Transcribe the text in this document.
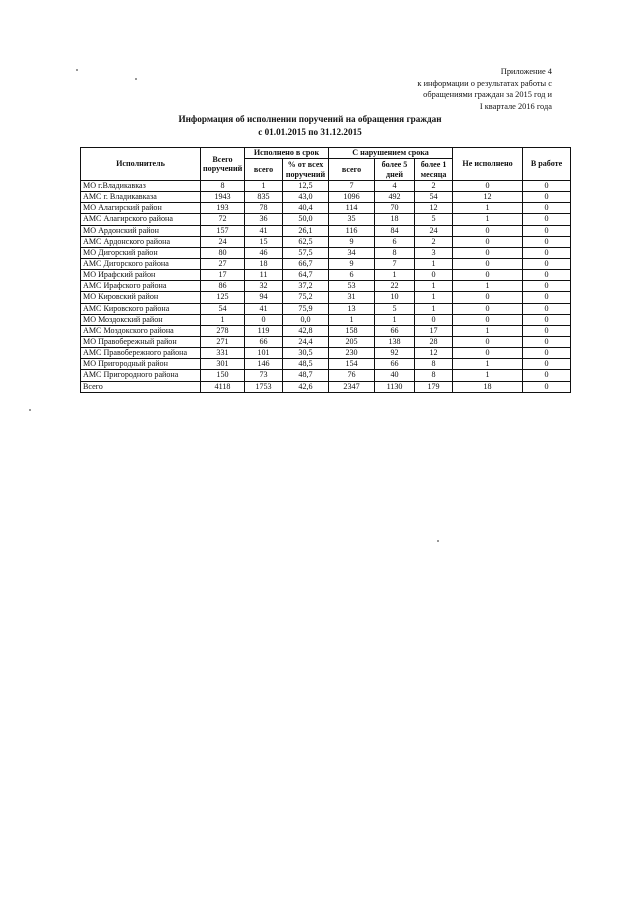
Приложение 4
к информации о результатах работы с
обращениями граждан за 2015 год и
I квартале 2016 года
Информация об исполнении поручений на обращения граждан
с 01.01.2015 по 31.12.2015
Исполнитель	Всего поручений	Исполнено в срок		С нарушением срока			Не исполнено	В работе
		всего	% от всех поручений	всего	более 5 дней	более 1 месяца		
МО г.Владикавказ	8	1	12,5	7	4	2	0	0
АМС г. Владикавказа	1943	835	43,0	1096	492	54	12	0
МО Алагирский район	193	78	40,4	114	70	12	1	0
АМС Алагирского района	72	36	50,0	35	18	5	1	0
МО Ардонский район	157	41	26,1	116	84	24	0	0
АМС Ардонского района	24	15	62,5	9	6	2	0	0
МО Дигорский район	80	46	57,5	34	8	3	0	0
АМС Дигорского района	27	18	66,7	9	7	1	0	0
МО Ирафский район	17	11	64,7	6	1	0	0	0
АМС Ирафского района	86	32	37,2	53	22	1	1	0
МО Кировский район	125	94	75,2	31	10	1	0	0
АМС Кировского района	54	41	75,9	13	5	1	0	0
МО Моздокский район	1	0	0,0	1	1	0	0	0
АМС Моздокского района	278	119	42,8	158	66	17	1	0
МО Правобережный район	271	66	24,4	205	138	28	0	0
АМС Правобережного района	331	101	30,5	230	92	12	0	0
МО Пригородный район	301	146	48,5	154	66	8	1	0
АМС Пригородного района	150	73	48,7	76	40	8	1	0
Всего	4118	1753	42,6	2347	1130	179	18	0
